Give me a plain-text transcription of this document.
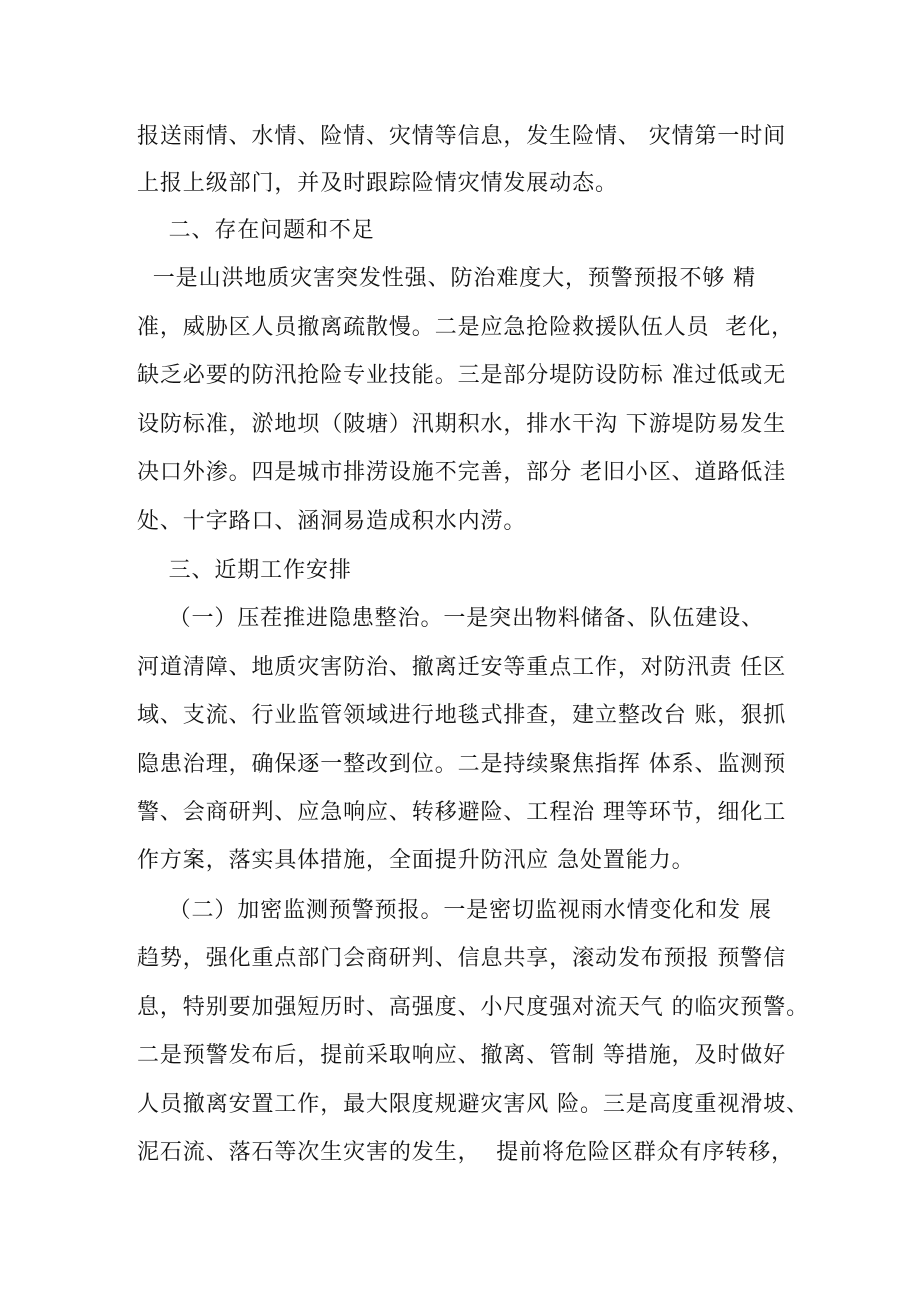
报送雨情、水情、险情、灾情等信息，发生险情、 灾情第一时间
上报上级部门，并及时跟踪险情灾情发展动态。
二、存在问题和不足
一是山洪地质灾害突发性强、防治难度大，预警预报不够 精
准，威胁区人员撤离疏散慢。二是应急抢险救援队伍人员  老化，
缺乏必要的防汛抢险专业技能。三是部分堤防设防标 准过低或无
设防标准，淤地坝（陂塘）汛期积水，排水干沟 下游堤防易发生
决口外渗。四是城市排涝设施不完善，部分 老旧小区、道路低洼
处、十字路口、涵洞易造成积水内涝。
三、近期工作安排
（一）压茬推进隐患整治。一是突出物料储备、队伍建设、
河道清障、地质灾害防治、撤离迁安等重点工作，对防汛责 任区
域、支流、行业监管领域进行地毯式排查，建立整改台 账，狠抓
隐患治理，确保逐一整改到位。二是持续聚焦指挥 体系、监测预
警、会商研判、应急响应、转移避险、工程治 理等环节，细化工
作方案，落实具体措施，全面提升防汛应 急处置能力。
（二）加密监测预警预报。一是密切监视雨水情变化和发 展
趋势，强化重点部门会商研判、信息共享，滚动发布预报 预警信
息，特别要加强短历时、高强度、小尺度强对流天气 的临灾预警。
二是预警发布后，提前采取响应、撤离、管制 等措施，及时做好
人员撤离安置工作，最大限度规避灾害风 险。三是高度重视滑坡、
泥石流、落石等次生灾害的发生，  提前将危险区群众有序转移，
